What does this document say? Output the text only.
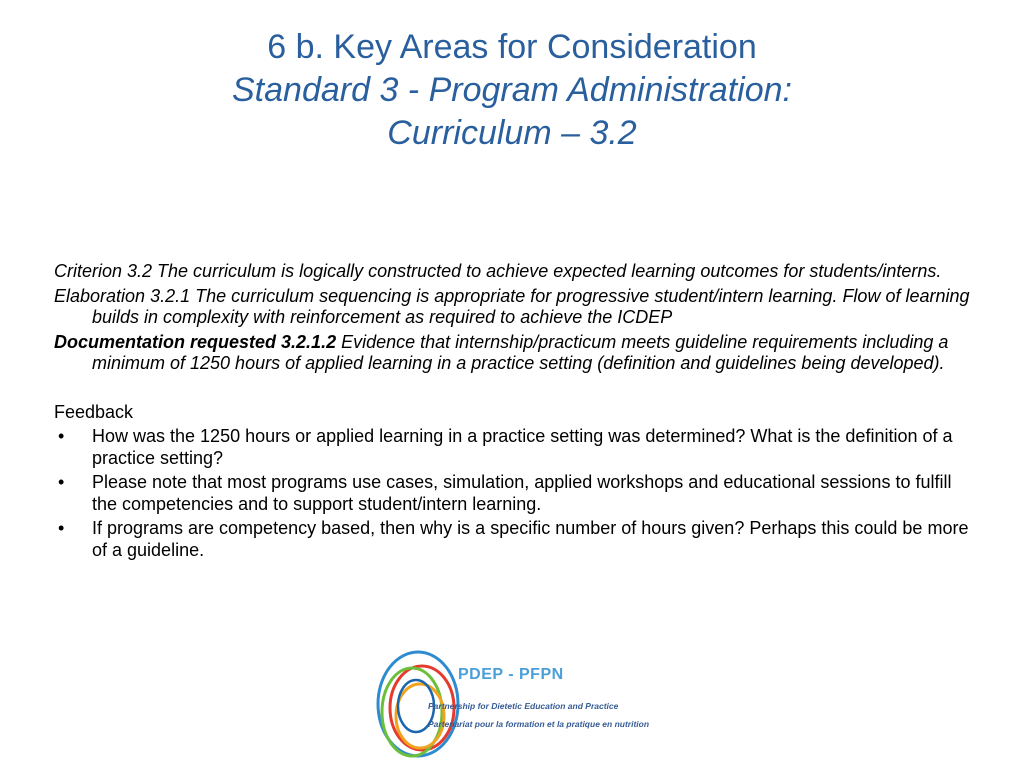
6 b. Key Areas for Consideration
Standard 3 - Program Administration:
Curriculum – 3.2

Criterion 3.2 The curriculum is logically constructed to achieve expected learning outcomes for students/interns.

Elaboration 3.2.1 The curriculum sequencing is appropriate for progressive student/intern learning. Flow of learning builds in complexity with reinforcement as required to achieve the ICDEP

Documentation requested 3.2.1.2 Evidence that internship/practicum meets guideline requirements including a minimum of 1250 hours of applied learning in a practice setting (definition and guidelines being developed).

Feedback

• How was the 1250 hours or applied learning in a practice setting was determined? What is the definition of a practice setting?
• Please note that most programs use cases, simulation, applied workshops and educational sessions to fulfill the competencies and to support student/intern learning.
• If programs are competency based, then why is a specific number of hours given? Perhaps this could be more of a guideline.
PDEP - PFPN
Partnership for Dietetic Education and Practice
Partenariat pour la formation et la pratique en nutrition
